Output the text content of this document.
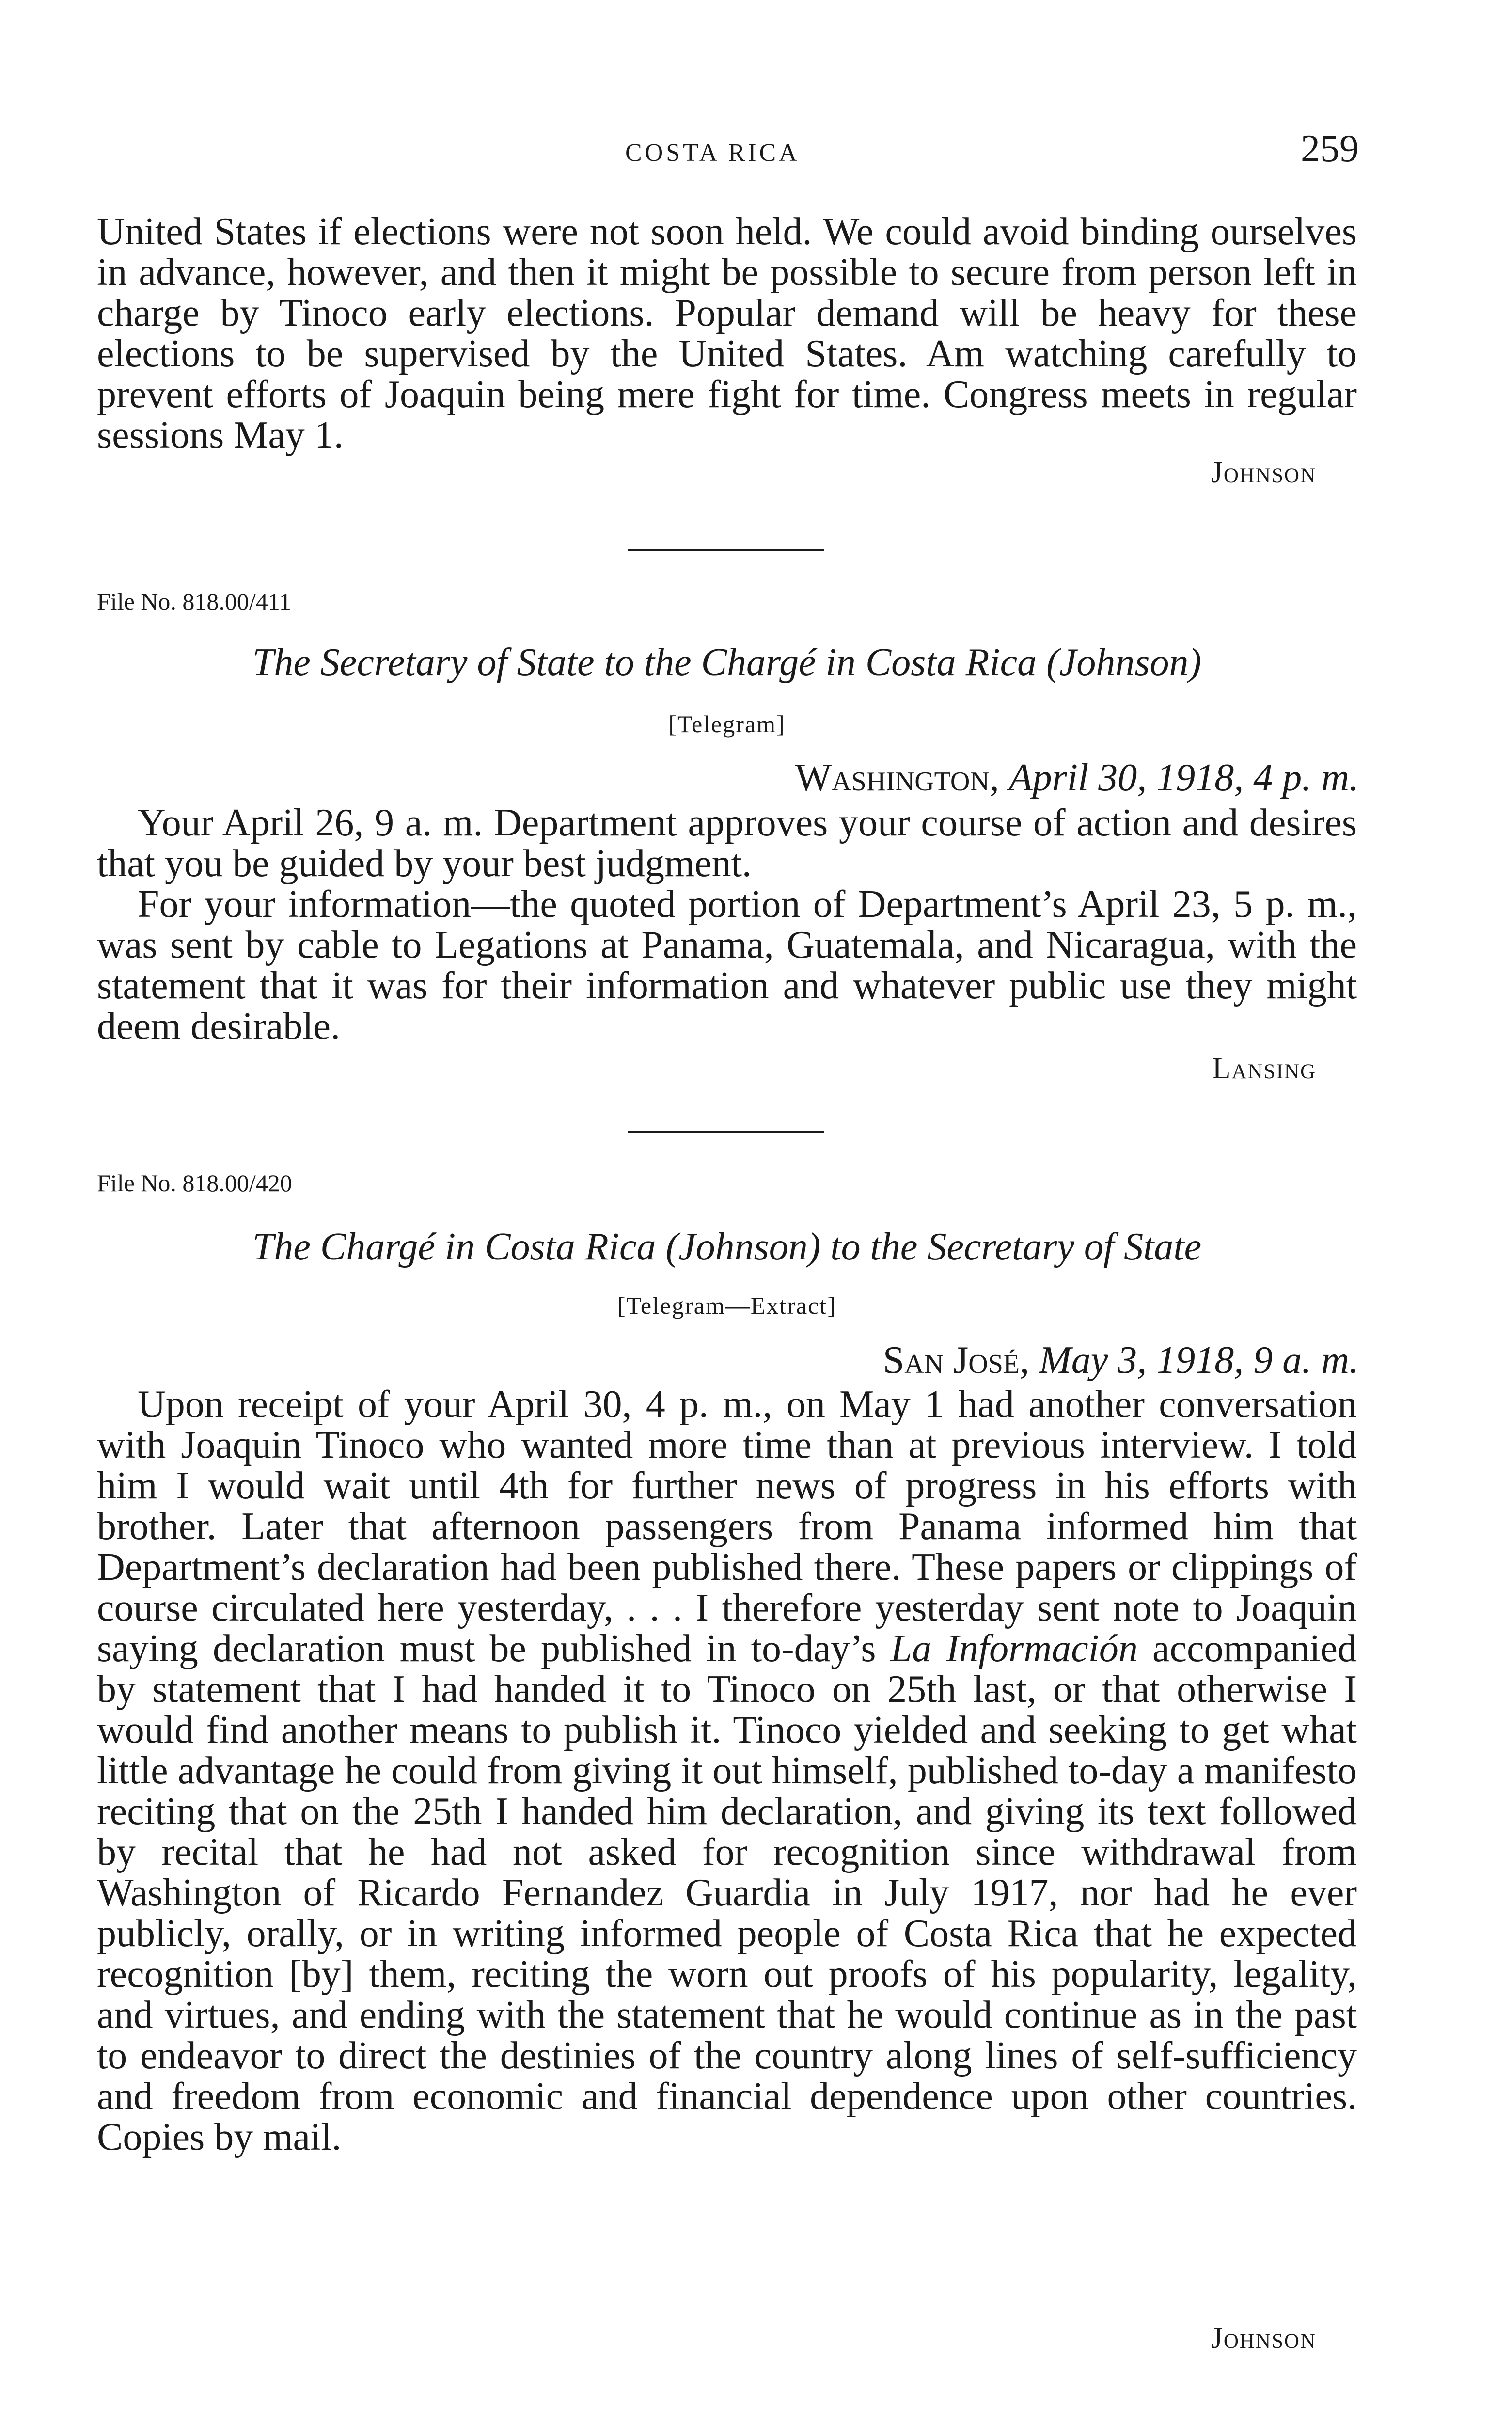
COSTA RICA	259

United States if elections were not soon held. We could avoid binding ourselves in advance, however, and then it might be possible to secure from person left in charge by Tinoco early elections. Popular demand will be heavy for these elections to be supervised by the United States. Am watching carefully to prevent efforts of Joaquin being mere fight for time. Congress meets in regular sessions May 1.

Johnson
File No. 818.00/411
The Secretary of State to the Chargé in Costa Rica (Johnson)
[Telegram]
Washington, April 30, 1918, 4 p. m.

Your April 26, 9 a. m. Department approves your course of action and desires that you be guided by your best judgment.

For your information—the quoted portion of Department’s April 23, 5 p. m., was sent by cable to Legations at Panama, Guatemala, and Nicaragua, with the statement that it was for their information and whatever public use they might deem desirable.

Lansing
File No. 818.00/420
The Chargé in Costa Rica (Johnson) to the Secretary of State
[Telegram—Extract]
San José, May 3, 1918, 9 a. m.

Upon receipt of your April 30, 4 p. m., on May 1 had another conversation with Joaquin Tinoco who wanted more time than at previous interview. I told him I would wait until 4th for further news of progress in his efforts with brother. Later that afternoon passengers from Panama informed him that Department’s declaration had been published there. These papers or clippings of course circulated here yesterday, . . . I therefore yesterday sent note to Joaquin saying declaration must be published in to-day’s La Información accompanied by statement that I had handed it to Tinoco on 25th last, or that otherwise I would find another means to publish it. Tinoco yielded and seeking to get what little advantage he could from giving it out himself, published to-day a manifesto reciting that on the 25th I handed him declaration, and giving its text followed by recital that he had not asked for recognition since withdrawal from Washington of Ricardo Fernandez Guardia in July 1917, nor had he ever publicly, orally, or in writing informed people of Costa Rica that he expected recognition [by] them, reciting the worn out proofs of his popularity, legality, and virtues, and ending with the statement that he would continue as in the past to endeavor to direct the destinies of the country along lines of self-sufficiency and freedom from economic and financial dependence upon other countries. Copies by mail.

Johnson
